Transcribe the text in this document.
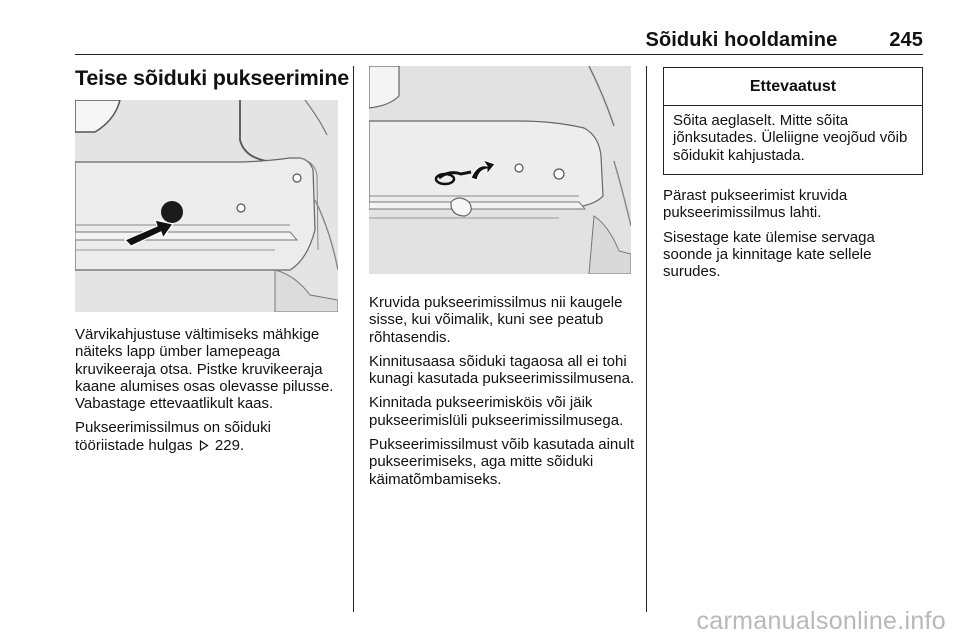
Sõiduki hooldamine	245
Teise sõiduki pukseerimine

Värvikahjustuse vältimiseks mähkige näiteks lapp ümber lamepeaga kruvikeeraja otsa. Pistke kruvikeeraja kaane alumises osas olevasse pilusse. Vabastage ettevaatlikult kaas.

Pukseerimissilmus on sõiduki tööriistade hulgas 229.

Kruvida pukseerimissilmus nii kaugele sisse, kui võimalik, kuni see peatub rõhtasendis.

Kinnitusaasa sõiduki tagaosa all ei tohi kunagi kasutada pukseerimissilmusena.

Kinnitada pukseerimisköis või jäik pukseerimislüli pukseerimissilmusega.

Pukseerimissilmust võib kasutada ainult pukseerimiseks, aga mitte sõiduki käimatõmbamiseks.

Ettevaatust
Sõita aeglaselt. Mitte sõita jõnksutades. Üleliigne veojõud võib sõidukit kahjustada.

Pärast pukseerimist kruvida pukseerimissilmus lahti.

Sisestage kate ülemise servaga soonde ja kinnitage kate sellele surudes.

carmanualsonline.info
